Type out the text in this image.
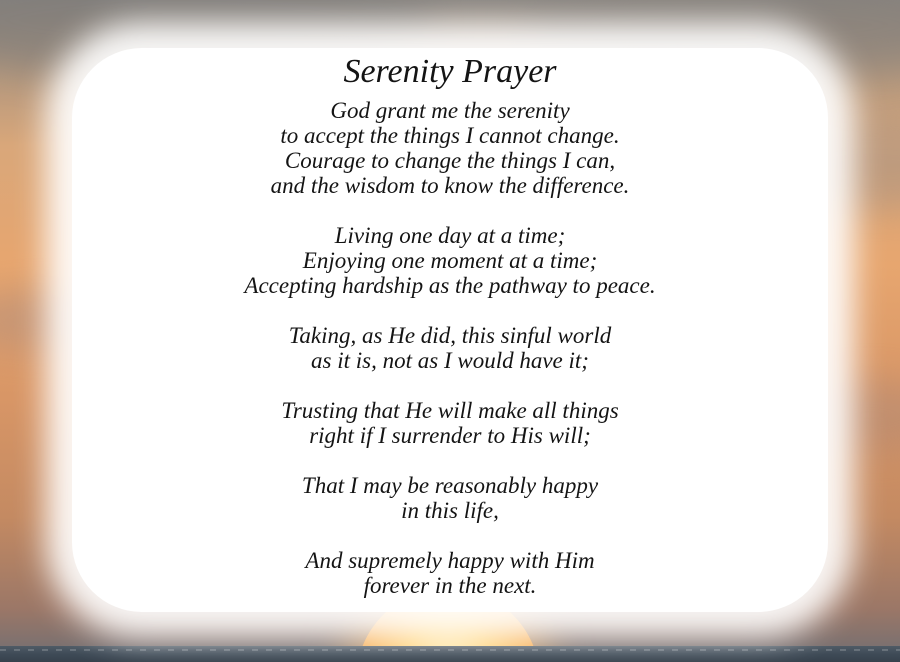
Serenity Prayer
God grant me the serenity
to accept the things I cannot change.
Courage to change the things I can,
and the wisdom to know the difference.
Living one day at a time;
Enjoying one moment at a time;
Accepting hardship as the pathway to peace.
Taking, as He did, this sinful world
as it is, not as I would have it;
Trusting that He will make all things
right if I surrender to His will;
That I may be reasonably happy
in this life,
And supremely happy with Him
forever in the next.
